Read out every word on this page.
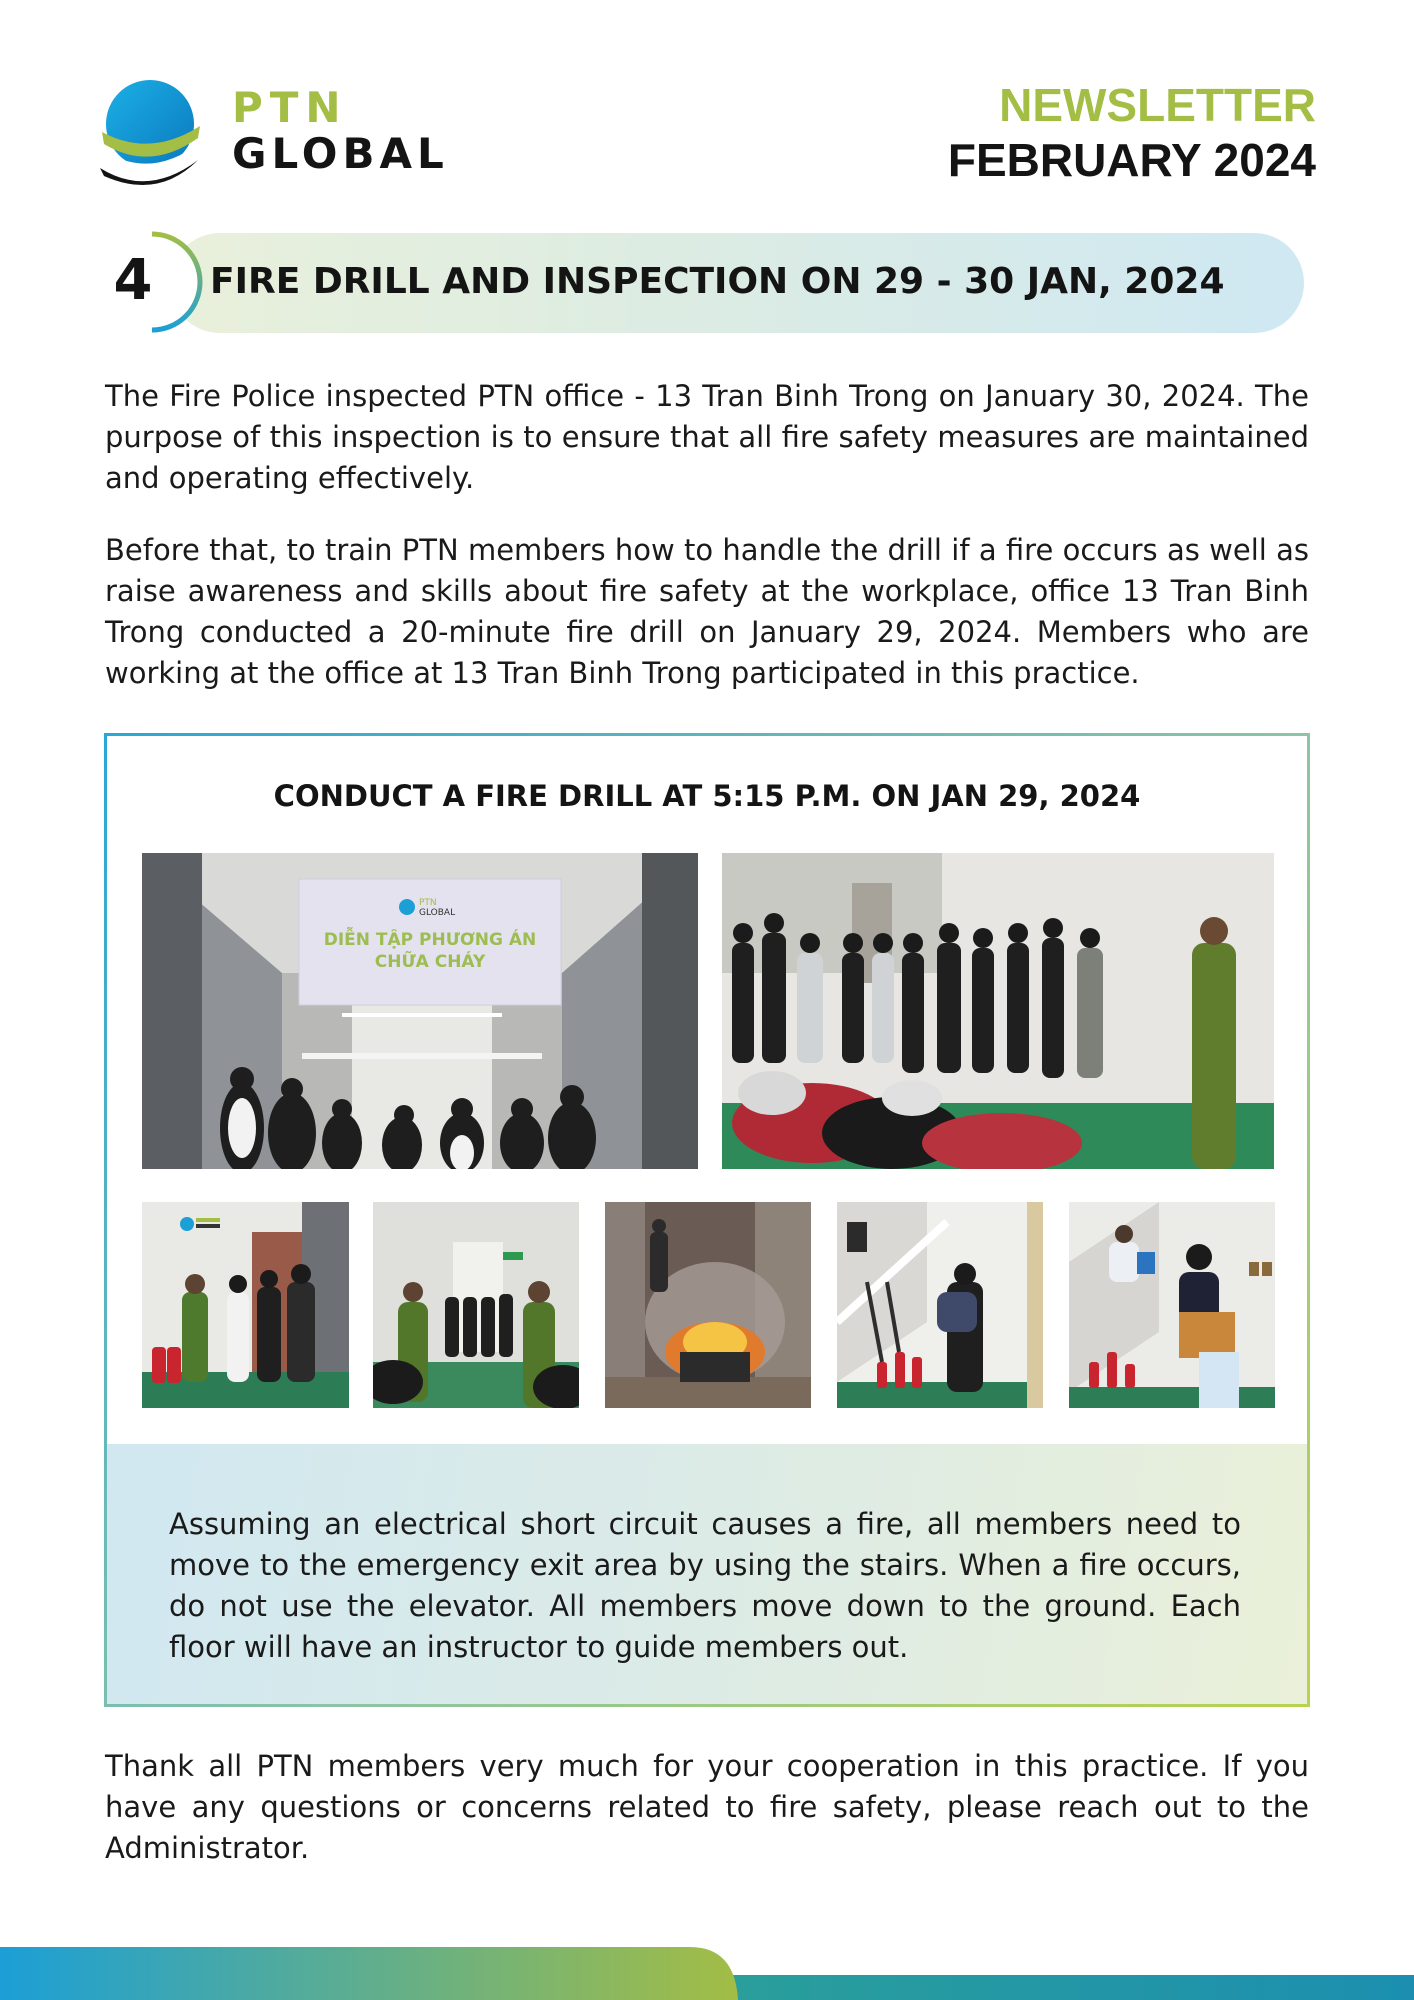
PTN
GLOBAL
NEWSLETTER
FEBRUARY 2024
4 FIRE DRILL AND INSPECTION ON 29 - 30 JAN, 2024

The Fire Police inspected PTN office - 13 Tran Binh Trong on January 30, 2024. The purpose of this inspection is to ensure that all fire safety measures are maintained and operating effectively.

Before that, to train PTN members how to handle the drill if a fire occurs as well as raise awareness and skills about fire safety at the workplace, office 13 Tran Binh Trong conducted a 20-minute fire drill on January 29, 2024. Members who are working at the office at 13 Tran Binh Trong participated in this practice.

CONDUCT A FIRE DRILL AT 5:15 P.M. ON JAN 29, 2024
PTN
GLOBAL
DIỄN TẬP PHƯƠNG ÁN
CHỮA CHÁY

Assuming an electrical short circuit causes a fire, all members need to move to the emergency exit area by using the stairs. When a fire occurs, do not use the elevator. All members move down to the ground. Each floor will have an instructor to guide members out.

Thank all PTN members very much for your cooperation in this practice. If you have any questions or concerns related to fire safety, please reach out to the Administrator.
